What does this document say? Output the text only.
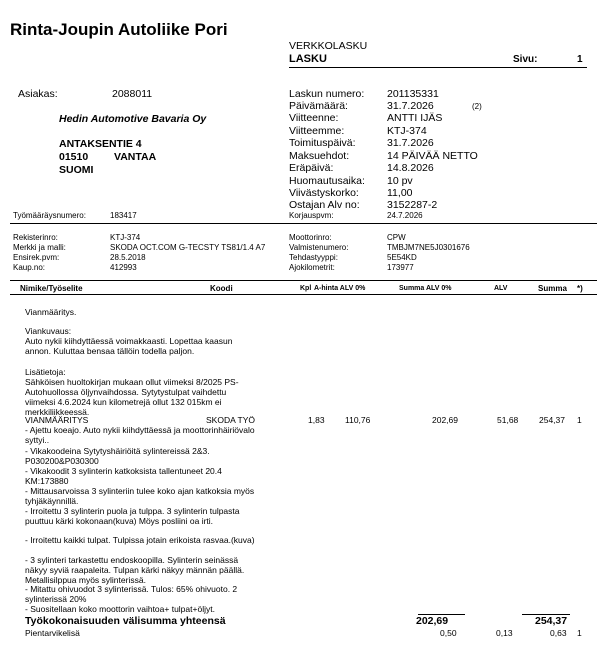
Rinta-Joupin Autoliike Pori
VERKKOLASKU
LASKU	Sivu:	1
Asiakas:	2088011
Hedin Automotive Bavaria Oy
ANTAKSENTIE 4
01510 VANTAA
SUOMI
Laskun numero: 201135331
Päivämäärä:	31.7.2026	(2)
Viitteenne:	ANTTI IJÄS
Viitteemme:	KTJ-374
Toimituspäivä:	31.7.2026
Maksuehdot:	14 PÄIVÄÄ NETTO
Eräpäivä:	14.8.2026
Huomautusaika: 10 pv
Viivästyskorko:	11,00
Ostajan Alv no:	3152287-2
Työmääräysnumero:	183417	Korjauspvm:	24.7.2026
Rekisterinro:	KTJ-374
Merkki ja malli:	SKODA OCT.COM G-TECSTY TS81/1.4 A7
Ensirek.pvm:	28.5.2018
Kaup.no:	412993
Moottorinro:	CPW
Valmistenumero:	TMBJM7NE5J0301676
Tehdastyyppi:	5E54KD
Ajokilometrit:	173977
Nimike/Työselite	Koodi	Kpl A-hinta ALV 0%	Summa ALV 0%	ALV	Summa *)
Vianmääritys.
Viankuvaus:
Auto nykii kiihdyttäessä voimakkaasti. Lopettaa kaasun annon. Kuluttaa bensaa tällöin todella paljon.
Lisätietoja:
Sähköisen huoltokirjan mukaan ollut viimeksi 8/2025 PS-Autohuollossa öljynvaihdossa. Sytytystulpat vaihdettu viimeksi 4.6.2024 kun kilometrejä ollut 132 015km ei merkkiliikkeessä.
VIANMÄÄRITYS	SKODA TYÖ	1,83 110,76	202,69	51,68 254,37 1
- Ajettu koeajo. Auto nykii kiihdyttäessä ja moottorinhäiriövalo syttyi..
- Vikakoodeina Sytytyshäiriöitä sylintereissä 2&3. P030200&P030300
- Vikakoodit 3 sylinterin katkoksista tallentuneet 20.4 KM:173880
- Mittausarvoissa 3 sylinteriin tulee koko ajan katkoksia myös tyhjäkäynnillä.
- Irroitettu 3 sylinterin puola ja tulppa. 3 sylinterin tulpasta puuttuu kärki kokonaan(kuva) Möys posliini oa irti.
- Irroitettu kaikki tulpat. Tulpissa jotain erikoista rasvaa.(kuva)
- 3 sylinteri tarkastettu endoskoopilla. Sylinterin seinässä näkyy syviä raapaleita. Tulpan kärki näkyy männän päällä. Metallisilppua myös sylinterissä.
- Mitattu ohivuodot 3 sylinterissä. Tulos: 65% ohivuoto. 2 sylinterissä 20%
- Suositellaan koko moottorin vaihtoa+ tulpat+öljyt.
Työkokonaisuuden välisumma yhteensä	202,69	254,37
Pientarvikelisä	0,50	0,13	0,63 1
